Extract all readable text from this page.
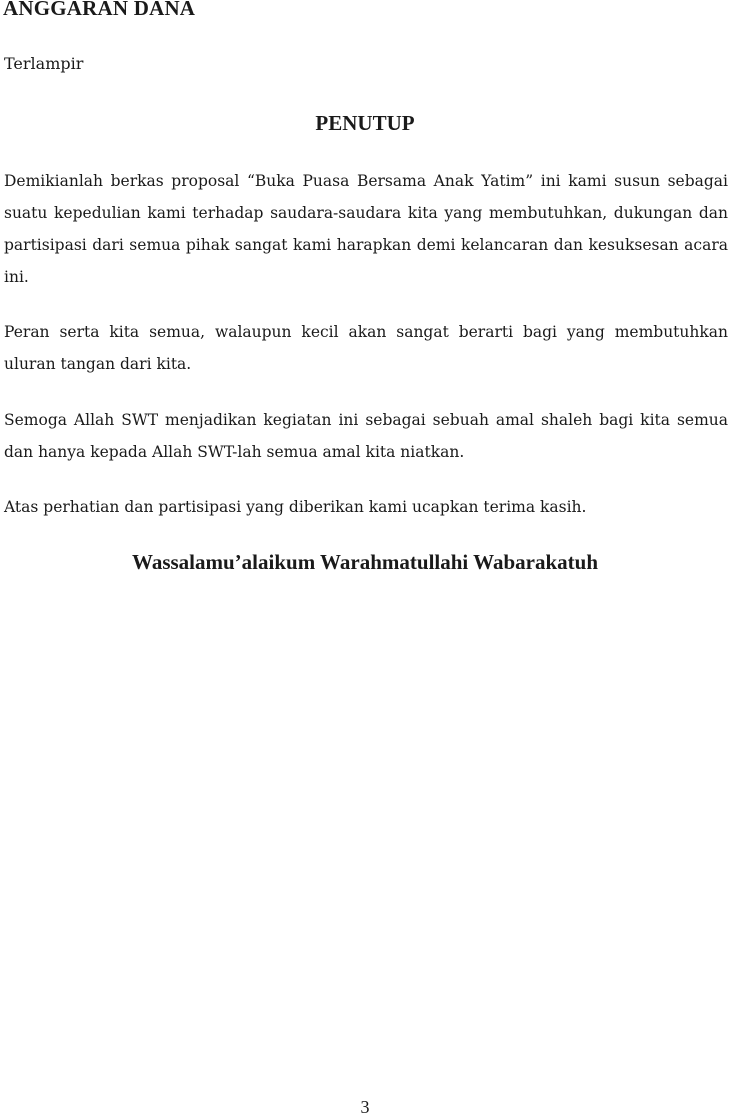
ANGGARAN DANA

Terlampir

PENUTUP

Demikianlah berkas proposal “Buka Puasa Bersama Anak Yatim” ini kami susun sebagai suatu kepedulian kami terhadap saudara-saudara kita yang membutuhkan, dukungan dan partisipasi dari semua pihak sangat kami harapkan demi kelancaran dan kesuksesan acara ini.

Peran serta kita semua, walaupun kecil akan sangat berarti bagi yang membutuhkan uluran tangan dari kita.

Semoga Allah SWT menjadikan kegiatan ini sebagai sebuah amal shaleh bagi kita semua dan hanya kepada Allah SWT-lah semua amal kita niatkan.

Atas perhatian dan partisipasi yang diberikan kami ucapkan terima kasih.

Wassalamu’alaikum Warahmatullahi Wabarakatuh

3
